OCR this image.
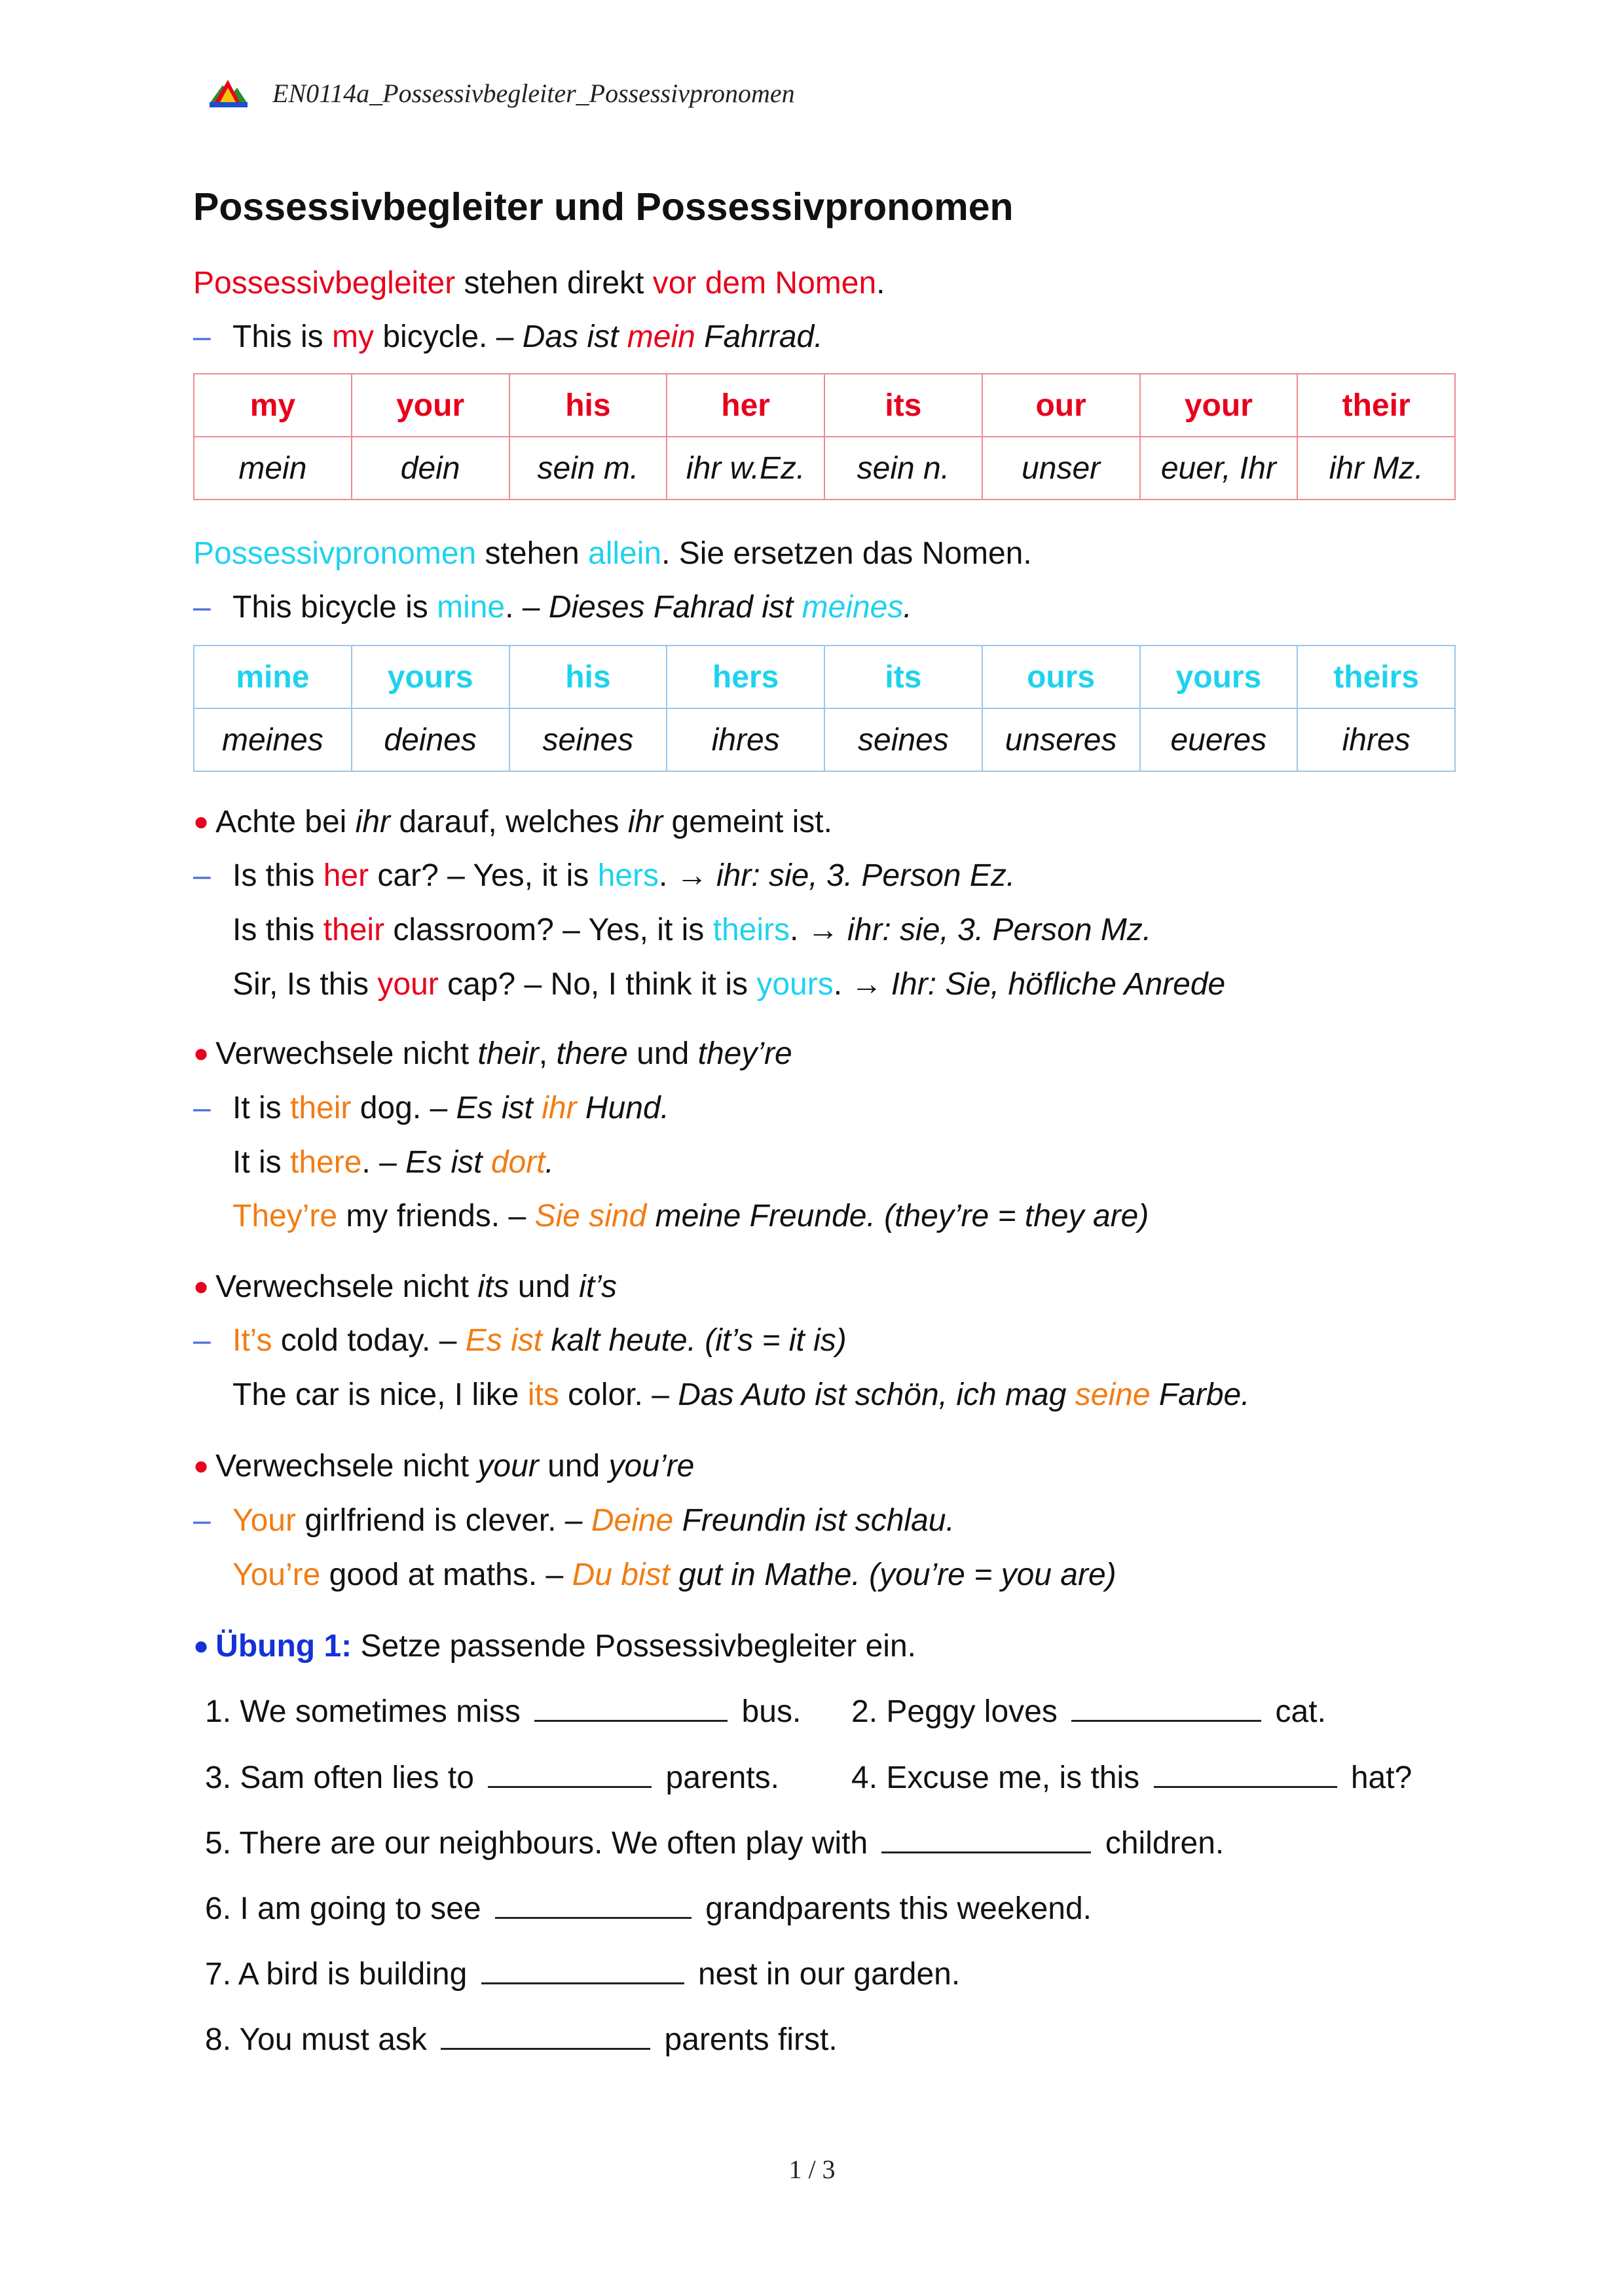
EN0114a_Possessivbegleiter_Possessivpronomen
Possessivbegleiter und Possessivpronomen
Possessivbegleiter stehen direkt vor dem Nomen.
– This is my bicycle. – Das ist mein Fahrrad.
my	your	his	her	its	our	your	their
mein	dein	sein m.	ihr w.Ez.	sein n.	unser	euer, Ihr	ihr Mz.
Possessivpronomen stehen allein. Sie ersetzen das Nomen.
– This bicycle is mine. – Dieses Fahrad ist meines.
mine	yours	his	hers	its	ours	yours	theirs
meines	deines	seines	ihres	seines	unseres	eueres	ihres
● Achte bei ihr darauf, welches ihr gemeint ist.
– Is this her car? – Yes, it is hers. → ihr: sie, 3. Person Ez.
Is this their classroom? – Yes, it is theirs. → ihr: sie, 3. Person Mz.
Sir, Is this your cap? – No, I think it is yours. → Ihr: Sie, höfliche Anrede
● Verwechsele nicht their, there und they’re
– It is their dog. – Es ist ihr Hund.
It is there. – Es ist dort.
They’re my friends. – Sie sind meine Freunde. (they’re = they are)
● Verwechsele nicht its und it’s
– It’s cold today. – Es ist kalt heute. (it’s = it is)
The car is nice, I like its color. – Das Auto ist schön, ich mag seine Farbe.
● Verwechsele nicht your und you’re
– Your girlfriend is clever. – Deine Freundin ist schlau.
You’re good at maths. – Du bist gut in Mathe. (you’re = you are)
● Übung 1: Setze passende Possessivbegleiter ein.
1. We sometimes miss	bus. 2. Peggy loves	cat.
3. Sam often lies to	parents. 4. Excuse me, is this	hat?
5. There are our neighbours. We often play with	children.
6. I am going to see	grandparents this weekend.
7. A bird is building	nest in our garden.
8. You must ask	parents first.
1 / 3
